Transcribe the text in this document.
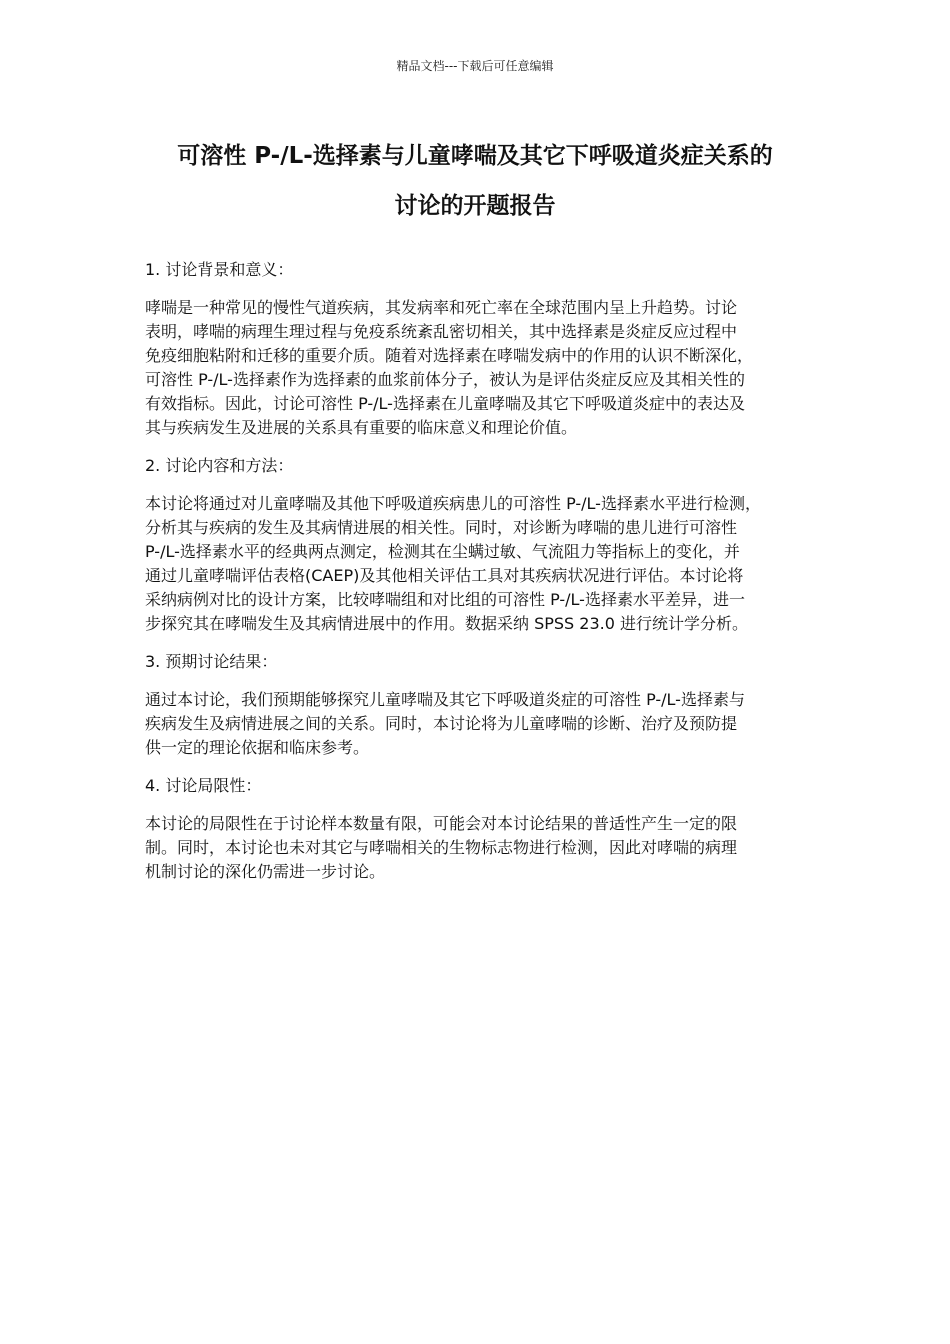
精品文档---下载后可任意编辑
可溶性 P-/L-选择素与儿童哮喘及其它下呼吸道炎症关系的
讨论的开题报告
1. 讨论背景和意义：
哮喘是一种常见的慢性气道疾病，其发病率和死亡率在全球范围内呈上升趋势。讨论
表明，哮喘的病理生理过程与免疫系统紊乱密切相关，其中选择素是炎症反应过程中
免疫细胞粘附和迁移的重要介质。随着对选择素在哮喘发病中的作用的认识不断深化，
可溶性 P-/L-选择素作为选择素的血浆前体分子，被认为是评估炎症反应及其相关性的
有效指标。因此，讨论可溶性 P-/L-选择素在儿童哮喘及其它下呼吸道炎症中的表达及
其与疾病发生及进展的关系具有重要的临床意义和理论价值。
2. 讨论内容和方法：
本讨论将通过对儿童哮喘及其他下呼吸道疾病患儿的可溶性 P-/L-选择素水平进行检测，
分析其与疾病的发生及其病情进展的相关性。同时，对诊断为哮喘的患儿进行可溶性
P-/L-选择素水平的经典两点测定，检测其在尘螨过敏、气流阻力等指标上的变化，并
通过儿童哮喘评估表格(CAEP)及其他相关评估工具对其疾病状况进行评估。本讨论将
采纳病例对比的设计方案，比较哮喘组和对比组的可溶性 P-/L-选择素水平差异，进一
步探究其在哮喘发生及其病情进展中的作用。数据采纳 SPSS 23.0 进行统计学分析。
3. 预期讨论结果：
通过本讨论，我们预期能够探究儿童哮喘及其它下呼吸道炎症的可溶性 P-/L-选择素与
疾病发生及病情进展之间的关系。同时，本讨论将为儿童哮喘的诊断、治疗及预防提
供一定的理论依据和临床参考。
4. 讨论局限性：
本讨论的局限性在于讨论样本数量有限，可能会对本讨论结果的普适性产生一定的限
制。同时，本讨论也未对其它与哮喘相关的生物标志物进行检测，因此对哮喘的病理
机制讨论的深化仍需进一步讨论。
